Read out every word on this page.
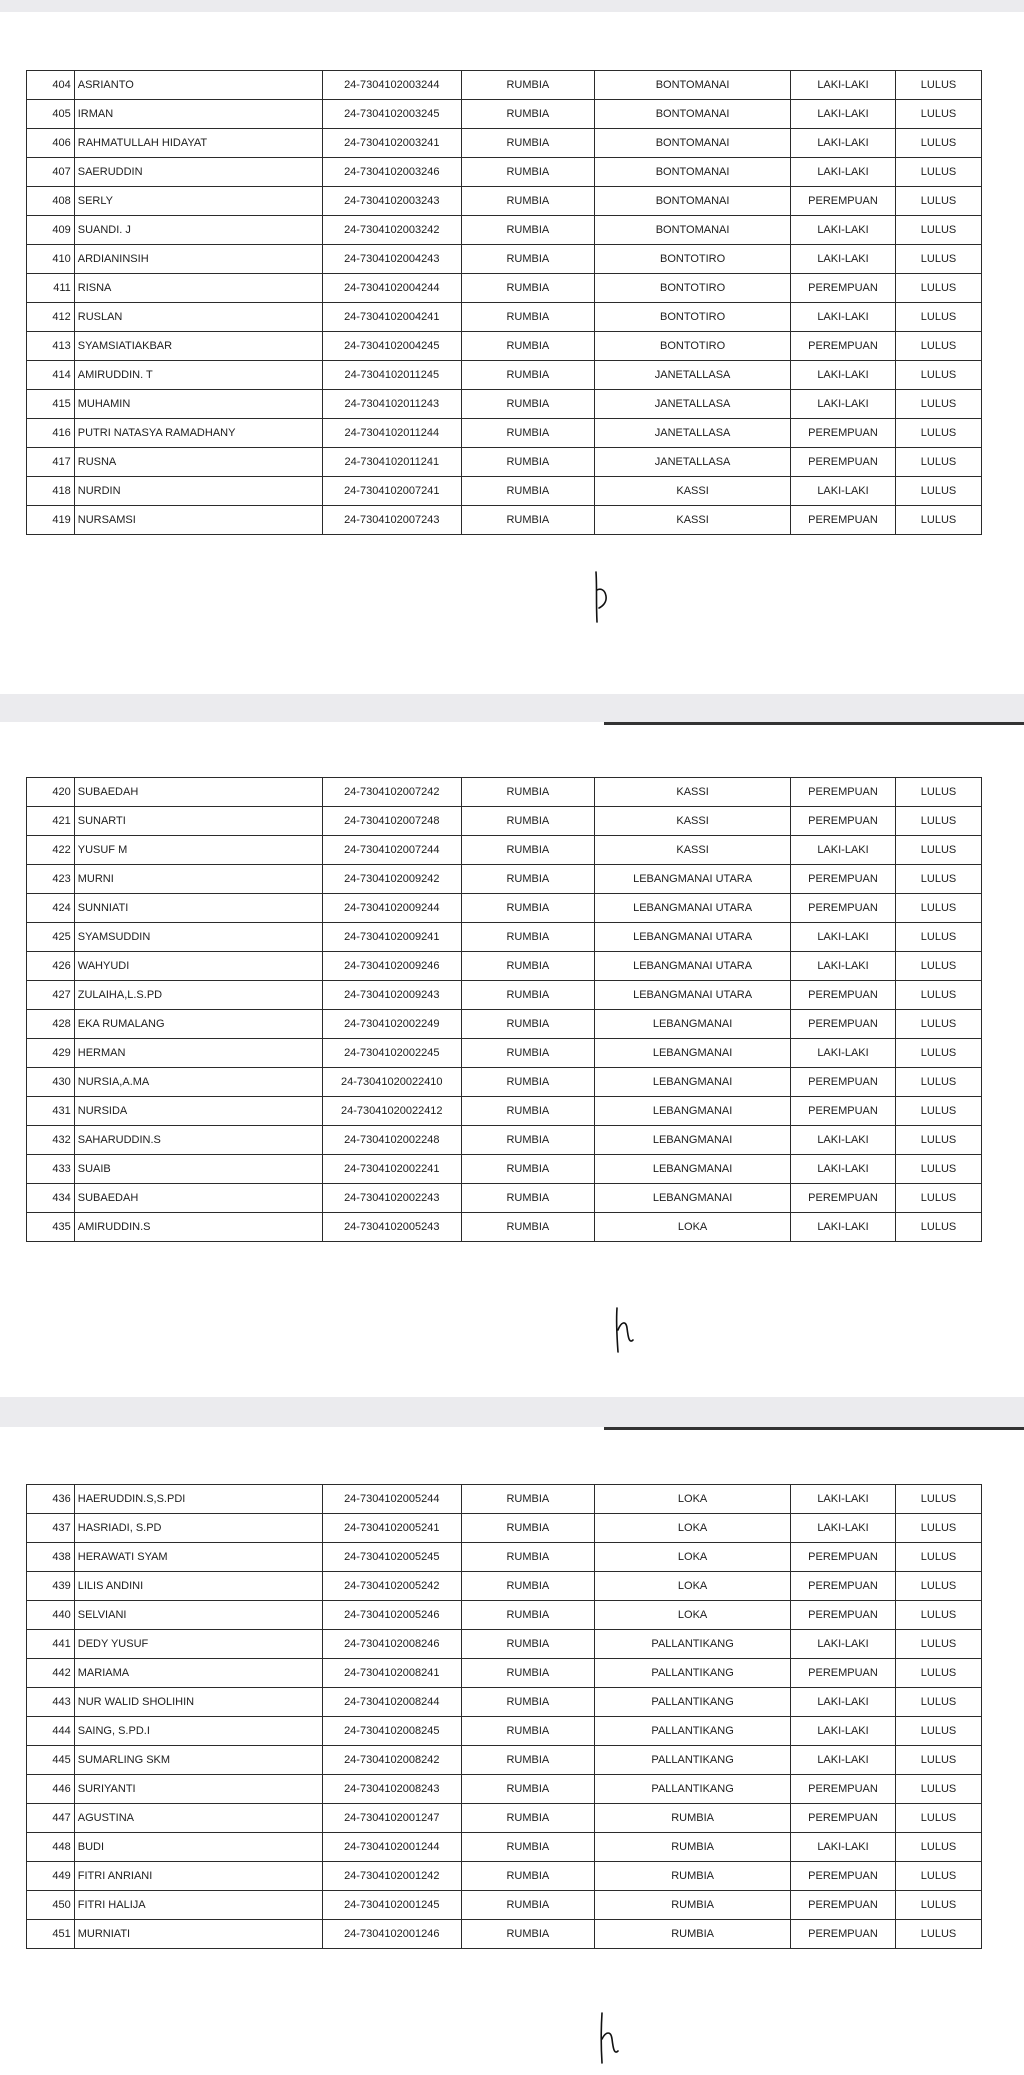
404	ASRIANTO	24-7304102003244	RUMBIA	BONTOMANAI	LAKI-LAKI	LULUS
405	IRMAN	24-7304102003245	RUMBIA	BONTOMANAI	LAKI-LAKI	LULUS
406	RAHMATULLAH HIDAYAT	24-7304102003241	RUMBIA	BONTOMANAI	LAKI-LAKI	LULUS
407	SAERUDDIN	24-7304102003246	RUMBIA	BONTOMANAI	LAKI-LAKI	LULUS
408	SERLY	24-7304102003243	RUMBIA	BONTOMANAI	PEREMPUAN	LULUS
409	SUANDI. J	24-7304102003242	RUMBIA	BONTOMANAI	LAKI-LAKI	LULUS
410	ARDIANINSIH	24-7304102004243	RUMBIA	BONTOTIRO	LAKI-LAKI	LULUS
411	RISNA	24-7304102004244	RUMBIA	BONTOTIRO	PEREMPUAN	LULUS
412	RUSLAN	24-7304102004241	RUMBIA	BONTOTIRO	LAKI-LAKI	LULUS
413	SYAMSIATIAKBAR	24-7304102004245	RUMBIA	BONTOTIRO	PEREMPUAN	LULUS
414	AMIRUDDIN. T	24-7304102011245	RUMBIA	JANETALLASA	LAKI-LAKI	LULUS
415	MUHAMIN	24-7304102011243	RUMBIA	JANETALLASA	LAKI-LAKI	LULUS
416	PUTRI NATASYA RAMADHANY	24-7304102011244	RUMBIA	JANETALLASA	PEREMPUAN	LULUS
417	RUSNA	24-7304102011241	RUMBIA	JANETALLASA	PEREMPUAN	LULUS
418	NURDIN	24-7304102007241	RUMBIA	KASSI	LAKI-LAKI	LULUS
419	NURSAMSI	24-7304102007243	RUMBIA	KASSI	PEREMPUAN	LULUS
420	SUBAEDAH	24-7304102007242	RUMBIA	KASSI	PEREMPUAN	LULUS
421	SUNARTI	24-7304102007248	RUMBIA	KASSI	PEREMPUAN	LULUS
422	YUSUF M	24-7304102007244	RUMBIA	KASSI	LAKI-LAKI	LULUS
423	MURNI	24-7304102009242	RUMBIA	LEBANGMANAI UTARA	PEREMPUAN	LULUS
424	SUNNIATI	24-7304102009244	RUMBIA	LEBANGMANAI UTARA	PEREMPUAN	LULUS
425	SYAMSUDDIN	24-7304102009241	RUMBIA	LEBANGMANAI UTARA	LAKI-LAKI	LULUS
426	WAHYUDI	24-7304102009246	RUMBIA	LEBANGMANAI UTARA	LAKI-LAKI	LULUS
427	ZULAIHA,L.S.PD	24-7304102009243	RUMBIA	LEBANGMANAI UTARA	PEREMPUAN	LULUS
428	EKA RUMALANG	24-7304102002249	RUMBIA	LEBANGMANAI	PEREMPUAN	LULUS
429	HERMAN	24-7304102002245	RUMBIA	LEBANGMANAI	LAKI-LAKI	LULUS
430	NURSIA,A.MA	24-73041020022410	RUMBIA	LEBANGMANAI	PEREMPUAN	LULUS
431	NURSIDA	24-73041020022412	RUMBIA	LEBANGMANAI	PEREMPUAN	LULUS
432	SAHARUDDIN.S	24-7304102002248	RUMBIA	LEBANGMANAI	LAKI-LAKI	LULUS
433	SUAIB	24-7304102002241	RUMBIA	LEBANGMANAI	LAKI-LAKI	LULUS
434	SUBAEDAH	24-7304102002243	RUMBIA	LEBANGMANAI	PEREMPUAN	LULUS
435	AMIRUDDIN.S	24-7304102005243	RUMBIA	LOKA	LAKI-LAKI	LULUS
436	HAERUDDIN.S,S.PDI	24-7304102005244	RUMBIA	LOKA	LAKI-LAKI	LULUS
437	HASRIADI, S.PD	24-7304102005241	RUMBIA	LOKA	LAKI-LAKI	LULUS
438	HERAWATI SYAM	24-7304102005245	RUMBIA	LOKA	PEREMPUAN	LULUS
439	LILIS ANDINI	24-7304102005242	RUMBIA	LOKA	PEREMPUAN	LULUS
440	SELVIANI	24-7304102005246	RUMBIA	LOKA	PEREMPUAN	LULUS
441	DEDY YUSUF	24-7304102008246	RUMBIA	PALLANTIKANG	LAKI-LAKI	LULUS
442	MARIAMA	24-7304102008241	RUMBIA	PALLANTIKANG	PEREMPUAN	LULUS
443	NUR WALID SHOLIHIN	24-7304102008244	RUMBIA	PALLANTIKANG	LAKI-LAKI	LULUS
444	SAING, S.PD.I	24-7304102008245	RUMBIA	PALLANTIKANG	LAKI-LAKI	LULUS
445	SUMARLING SKM	24-7304102008242	RUMBIA	PALLANTIKANG	LAKI-LAKI	LULUS
446	SURIYANTI	24-7304102008243	RUMBIA	PALLANTIKANG	PEREMPUAN	LULUS
447	AGUSTINA	24-7304102001247	RUMBIA	RUMBIA	PEREMPUAN	LULUS
448	BUDI	24-7304102001244	RUMBIA	RUMBIA	LAKI-LAKI	LULUS
449	FITRI ANRIANI	24-7304102001242	RUMBIA	RUMBIA	PEREMPUAN	LULUS
450	FITRI HALIJA	24-7304102001245	RUMBIA	RUMBIA	PEREMPUAN	LULUS
451	MURNIATI	24-7304102001246	RUMBIA	RUMBIA	PEREMPUAN	LULUS
